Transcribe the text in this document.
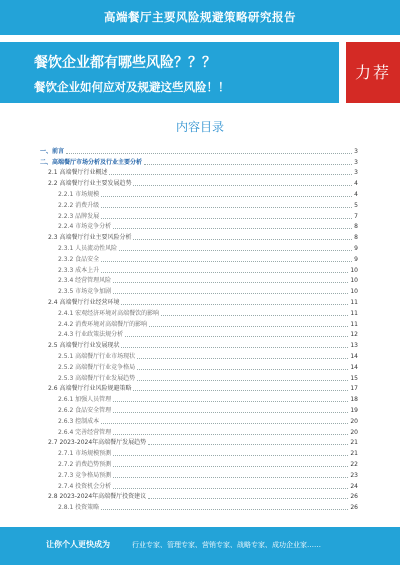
高端餐厅主要风险规避策略研究报告
餐饮企业都有哪些风险？？？
餐饮企业如何应对及规避这些风险！！
力荐
内容目录
一、前言	3
二、高端餐厅市场分析及行业主要分析	3
2.1 高端餐厅行业概述	3
2.2 高端餐厅行业主要发展趋势	4
2.2.1 市场规模	4
2.2.2 消费升级	5
2.2.3 品牌发展	7
2.2.4 市场竞争分析	8
2.3 高端餐厅行业主要风险分析	8
2.3.1 人员流动性风险	9
2.3.2 食品安全	9
2.3.3 成本上升	10
2.3.4 经营管理风险	10
2.3.5 市场竞争加剧	10
2.4 高端餐厅行业经营环境	11
2.4.1 宏观经济环境对高端餐饮的影响	11
2.4.2 消费环境对高端餐厅的影响	11
2.4.3 行业政策法规分析	12
2.5 高端餐厅行业发展现状	13
2.5.1 高端餐厅行业市场现状	14
2.5.2 高端餐厅行业竞争格局	14
2.5.3 高端餐厅行业发展趋势	15
2.6 高端餐厅行业风险规避策略	17
2.6.1 加强人员管理	18
2.6.2 食品安全管理	19
2.6.3 控制成本	20
2.6.4 完善经营管理	20
2.7 2023-2024年高端餐厅发展趋势	21
2.7.1 市场规模预测	21
2.7.2 消费趋势预测	22
2.7.3 竞争格局预测	23
2.7.4 投资机会分析	24
2.8 2023-2024年高端餐厅投资建议	26
2.8.1 投资策略	26
让你个人更快成为	行业专家、管理专家、营销专家、战略专家、成功企业家……
